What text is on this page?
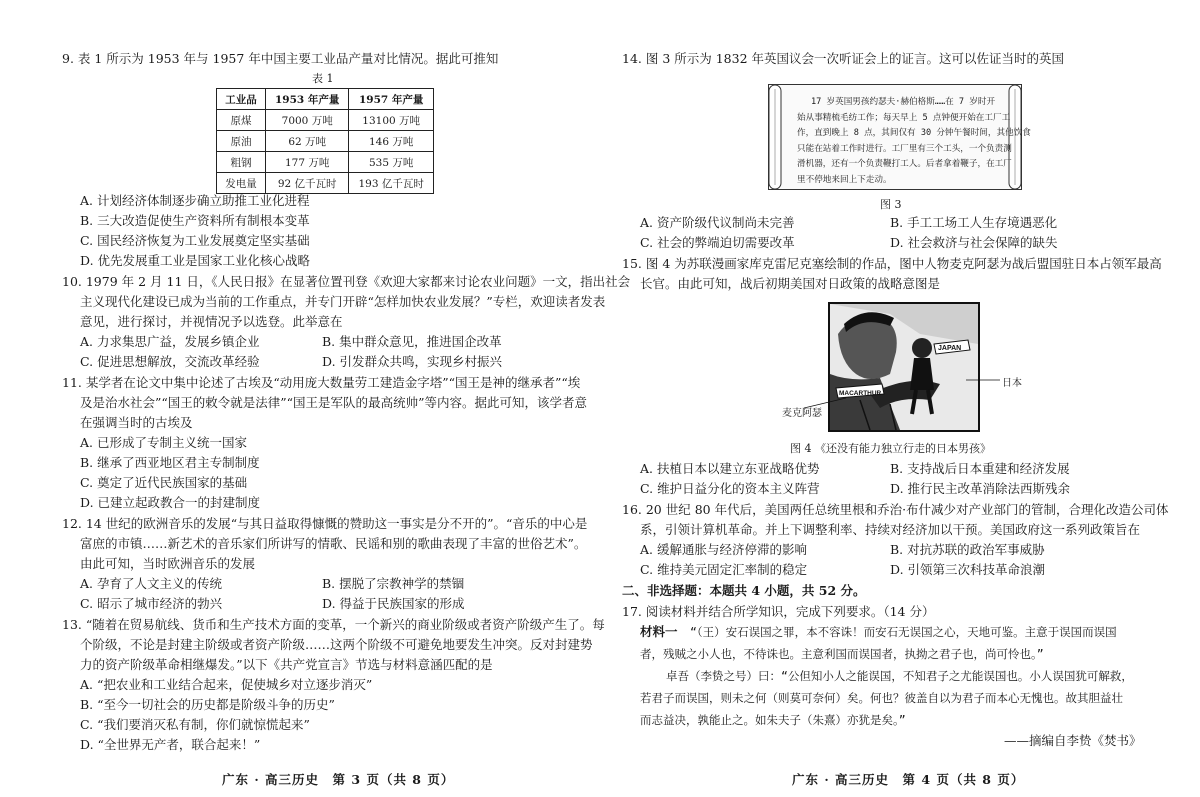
9. 表 1 所示为 1953 年与 1957 年中国主要工业品产量对比情况。据此可推知
表 1
工业品	1953 年产量	1957 年产量
原煤	7000 万吨	13100 万吨
原油	62 万吨	146 万吨
粗钢	177 万吨	535 万吨
发电量	92 亿千瓦时	193 亿千瓦时
A. 计划经济体制逐步确立助推工业化进程
B. 三大改造促使生产资料所有制根本变革
C. 国民经济恢复为工业发展奠定坚实基础
D. 优先发展重工业是国家工业化核心战略
10. 1979 年 2 月 11 日，《人民日报》在显著位置刊登《欢迎大家都来讨论农业问题》一文，指出社会
主义现代化建设已成为当前的工作重点，并专门开辟“怎样加快农业发展？”专栏，欢迎读者发表
意见，进行探讨，并视情况予以选登。此举意在
A. 力求集思广益，发展乡镇企业	B. 集中群众意见，推进国企改革
C. 促进思想解放，交流改革经验	D. 引发群众共鸣，实现乡村振兴
11. 某学者在论文中集中论述了古埃及“动用庞大数量劳工建造金字塔”“国王是神的继承者”“埃
及是治水社会”“国王的敕令就是法律”“国王是军队的最高统帅”等内容。据此可知，该学者意
在强调当时的古埃及
A. 已形成了专制主义统一国家
B. 继承了西亚地区君主专制制度
C. 奠定了近代民族国家的基础
D. 已建立起政教合一的封建制度
12. 14 世纪的欧洲音乐的发展“与其日益取得慷慨的赞助这一事实是分不开的”。“音乐的中心是
富庶的市镇……新艺术的音乐家们所讲写的情歌、民谣和别的歌曲表现了丰富的世俗艺术”。
由此可知，当时欧洲音乐的发展
A. 孕育了人文主义的传统	B. 摆脱了宗教神学的禁锢
C. 昭示了城市经济的勃兴	D. 得益于民族国家的形成
13. “随着在贸易航线、货币和生产技术方面的变革，一个新兴的商业阶级或者资产阶级产生了。每
个阶级，不论是封建主阶级或者资产阶级……这两个阶级不可避免地要发生冲突。反对封建势
力的资产阶级革命相继爆发。”以下《共产党宣言》节选与材料意涵匹配的是
A. “把农业和工业结合起来，促使城乡对立逐步消灭”
B. “至今一切社会的历史都是阶级斗争的历史”
C. “我们要消灭私有制，你们就惊慌起来”
D. “全世界无产者，联合起来！”
广东 · 高三历史　第 3 页（共 8 页）
14. 图 3 所示为 1832 年英国议会一次听证会上的证言。这可以佐证当时的英国
17 岁英国男孩约瑟夫·赫伯格斯……在 7 岁时开
始从事精梳毛纺工作；每天早上 5 点钟便开始在工厂工
作，直到晚上 8 点，其间仅有 30 分钟午餐时间，其他饮食
只能在站着工作时进行。工厂里有三个工头，一个负责测
滑机器，还有一个负责鞭打工人。后者拿着鞭子，在工厂
里不停地来回上下走动。
图 3
A. 资产阶级代议制尚未完善	B. 手工工场工人生存境遇恶化
C. 社会的弊端迫切需要改革	D. 社会救济与社会保障的缺失
15. 图 4 为苏联漫画家库克雷尼克塞绘制的作品，图中人物麦克阿瑟为战后盟国驻日本占领军最高
长官。由此可知，战后初期美国对日政策的战略意图是
JAPAN
MACARTHUR
日本
麦克阿瑟
图 4 《还没有能力独立行走的日本男孩》
A. 扶植日本以建立东亚战略优势	B. 支持战后日本重建和经济发展
C. 维护日益分化的资本主义阵营	D. 推行民主改革消除法西斯残余
16. 20 世纪 80 年代后，美国两任总统里根和乔治·布什减少对产业部门的管制，合理化改造公司体
系，引领计算机革命。并上下调整利率、持续对经济加以干预。美国政府这一系列政策旨在
A. 缓解通胀与经济停滞的影响	B. 对抗苏联的政治军事威胁
C. 维持美元固定汇率制的稳定	D. 引领第三次科技革命浪潮
二、非选择题：本题共 4 小题，共 52 分。
17. 阅读材料并结合所学知识，完成下列要求。（14 分）
材料一 “（王）安石误国之罪，本不容诛！而安石无误国之心，天地可鉴。主意于误国而误国
者，残贼之小人也，不待诛也。主意利国而误国者，执拗之君子也，尚可怜也。”
卓吾（李贽之号）曰：“公但知小人之能误国，不知君子之尤能误国也。小人误国犹可解救，
若君子而误国，则未之何（则莫可奈何）矣。何也？彼盖自以为君子而本心无愧也。故其胆益壮
而志益决，孰能止之。如朱夫子（朱熹）亦犹是矣。”
——摘编自李贽《焚书》
广东 · 高三历史　第 4 页（共 8 页）
